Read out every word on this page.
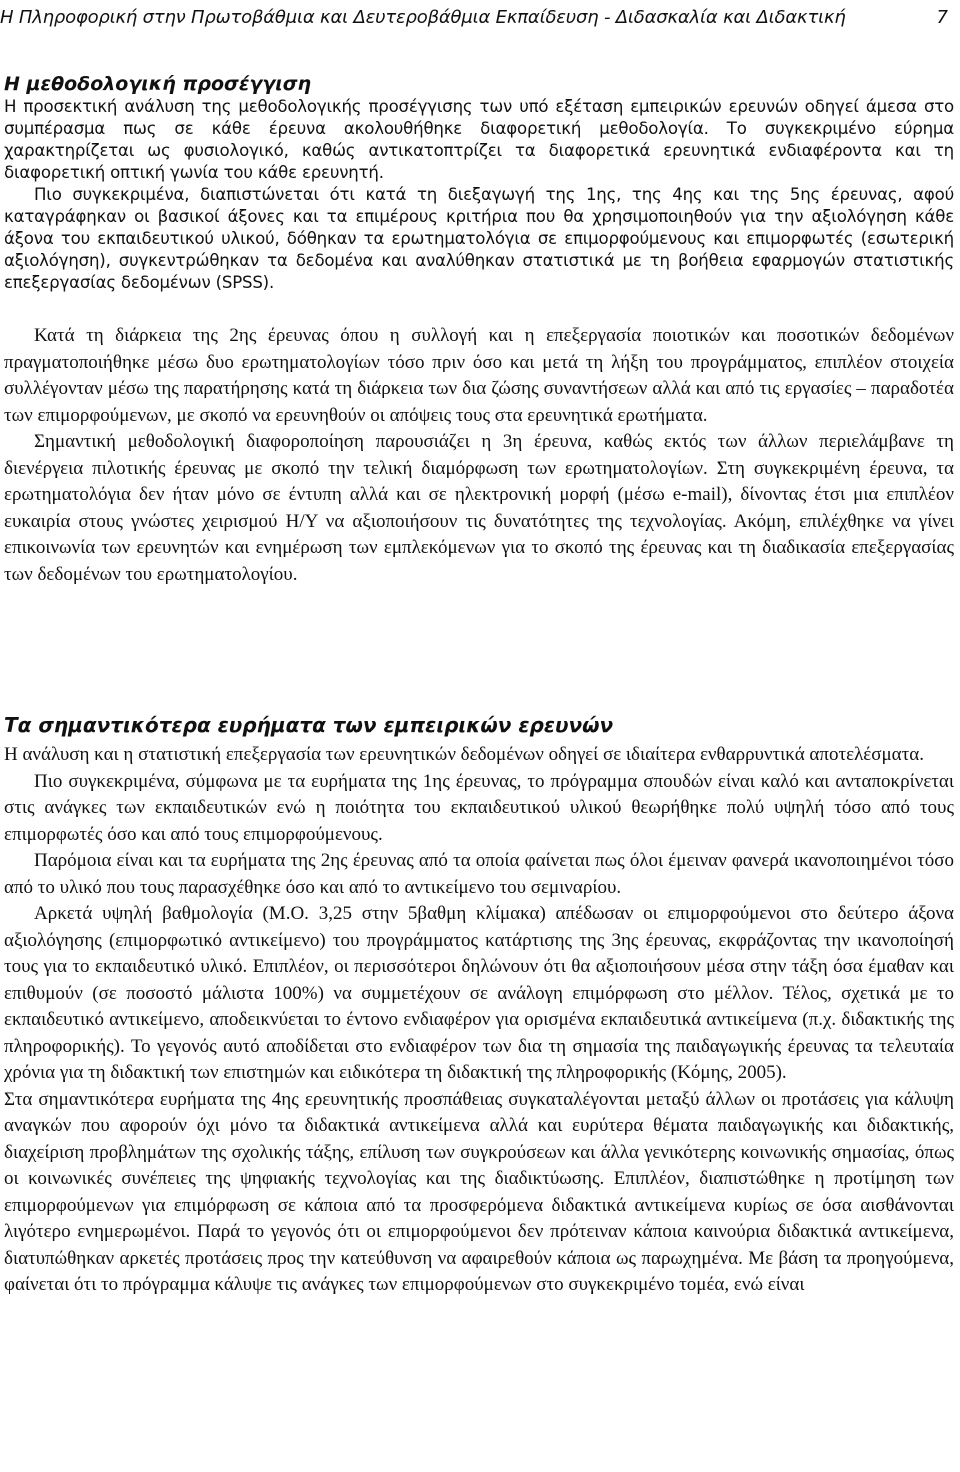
Η Πληροφορική στην Πρωτοβάθμια και Δευτεροβάθμια Εκπαίδευση - Διδασκαλία και Διδακτική	7
Η μεθοδολογική προσέγγιση

Η προσεκτική ανάλυση της μεθοδολογικής προσέγγισης των υπό εξέταση εμπειρικών ερευνών οδηγεί άμεσα στο συμπέρασμα πως σε κάθε έρευνα ακολουθήθηκε διαφορετική μεθοδολογία. Το συγκεκριμένο εύρημα χαρακτηρίζεται ως φυσιολογικό, καθώς αντικατοπτρίζει τα διαφορετικά ερευνητικά ενδιαφέροντα και τη διαφορετική οπτική γωνία του κάθε ερευνητή.

Πιο συγκεκριμένα, διαπιστώνεται ότι κατά τη διεξαγωγή της 1ης, της 4ης και της 5ης έρευνας, αφού καταγράφηκαν οι βασικοί άξονες και τα επιμέρους κριτήρια που θα χρησιμοποιηθούν για την αξιολόγηση κάθε άξονα του εκπαιδευτικού υλικού, δόθηκαν τα ερωτηματολόγια σε επιμορφούμενους και επιμορφωτές (εσωτερική αξιολόγηση), συγκεντρώθηκαν τα δεδομένα και αναλύθηκαν στατιστικά με τη βοήθεια εφαρμογών στατιστικής επεξεργασίας δεδομένων (SPSS).

Κατά τη διάρκεια της 2ης έρευνας όπου η συλλογή και η επεξεργασία ποιοτικών και ποσοτικών δεδομένων πραγματοποιήθηκε μέσω δυο ερωτηματολογίων τόσο πριν όσο και μετά τη λήξη του προγράμματος, επιπλέον στοιχεία συλλέγονταν μέσω της παρατήρησης κατά τη διάρκεια των δια ζώσης συναντήσεων αλλά και από τις εργασίες – παραδοτέα των επιμορφούμενων, με σκοπό να ερευνηθούν οι απόψεις τους στα ερευνητικά ερωτήματα.

Σημαντική μεθοδολογική διαφοροποίηση παρουσιάζει η 3η έρευνα, καθώς εκτός των άλλων περιελάμβανε τη διενέργεια πιλοτικής έρευνας με σκοπό την τελική διαμόρφωση των ερωτηματολογίων. Στη συγκεκριμένη έρευνα, τα ερωτηματολόγια δεν ήταν μόνο σε έντυπη αλλά και σε ηλεκτρονική μορφή (μέσω e-mail), δίνοντας έτσι μια επιπλέον ευκαιρία στους γνώστες χειρισμού Η/Υ να αξιοποιήσουν τις δυνατότητες της τεχνολογίας. Ακόμη, επιλέχθηκε να γίνει επικοινωνία των ερευνητών και ενημέρωση των εμπλεκόμενων για το σκοπό της έρευνας και τη διαδικασία επεξεργασίας των δεδομένων του ερωτηματολογίου.

Τα σημαντικότερα ευρήματα των εμπειρικών ερευνών

Η ανάλυση και η στατιστική επεξεργασία των ερευνητικών δεδομένων οδηγεί σε ιδιαίτερα ενθαρρυντικά αποτελέσματα.

Πιο συγκεκριμένα, σύμφωνα με τα ευρήματα της 1ης έρευνας, το πρόγραμμα σπουδών είναι καλό και ανταποκρίνεται στις ανάγκες των εκπαιδευτικών ενώ η ποιότητα του εκπαιδευτικού υλικού θεωρήθηκε πολύ υψηλή τόσο από τους επιμορφωτές όσο και από τους επιμορφούμενους.

Παρόμοια είναι και τα ευρήματα της 2ης έρευνας από τα οποία φαίνεται πως όλοι έμειναν φανερά ικανοποιημένοι τόσο από το υλικό που τους παρασχέθηκε όσο και από το αντικείμενο του σεμιναρίου.

Αρκετά υψηλή βαθμολογία (Μ.Ο. 3,25 στην 5βαθμη κλίμακα) απέδωσαν οι επιμορφούμενοι στο δεύτερο άξονα αξιολόγησης (επιμορφωτικό αντικείμενο) του προγράμματος κατάρτισης της 3ης έρευνας, εκφράζοντας την ικανοποίησή τους για το εκπαιδευτικό υλικό. Επιπλέον, οι περισσότεροι δηλώνουν ότι θα αξιοποιήσουν μέσα στην τάξη όσα έμαθαν και επιθυμούν (σε ποσοστό μάλιστα 100%) να συμμετέχουν σε ανάλογη επιμόρφωση στο μέλλον. Τέλος, σχετικά με το εκπαιδευτικό αντικείμενο, αποδεικνύεται το έντονο ενδιαφέρον για ορισμένα εκπαιδευτικά αντικείμενα (π.χ. διδακτικής της πληροφορικής). Το γεγονός αυτό αποδίδεται στο ενδιαφέρον των δια τη σημασία της παιδαγωγικής έρευνας τα τελευταία χρόνια για τη διδακτική των επιστημών και ειδικότερα τη διδακτική της πληροφορικής (Κόμης, 2005).

Στα σημαντικότερα ευρήματα της 4ης ερευνητικής προσπάθειας συγκαταλέγονται μεταξύ άλλων οι προτάσεις για κάλυψη αναγκών που αφορούν όχι μόνο τα διδακτικά αντικείμενα αλλά και ευρύτερα θέματα παιδαγωγικής και διδακτικής, διαχείριση προβλημάτων της σχολικής τάξης, επίλυση των συγκρούσεων και άλλα γενικότερης κοινωνικής σημασίας, όπως οι κοινωνικές συνέπειες της ψηφιακής τεχνολογίας και της διαδικτύωσης. Επιπλέον, διαπιστώθηκε η προτίμηση των επιμορφούμενων για επιμόρφωση σε κάποια από τα προσφερόμενα διδακτικά αντικείμενα κυρίως σε όσα αισθάνονται λιγότερο ενημερωμένοι. Παρά το γεγονός ότι οι επιμορφούμενοι δεν πρότειναν κάποια καινούρια διδακτικά αντικείμενα, διατυπώθηκαν αρκετές προτάσεις προς την κατεύθυνση να αφαιρεθούν κάποια ως παρωχημένα. Με βάση τα προηγούμενα, φαίνεται ότι το πρόγραμμα κάλυψε τις ανάγκες των επιμορφούμενων στο συγκεκριμένο τομέα, ενώ είναι
